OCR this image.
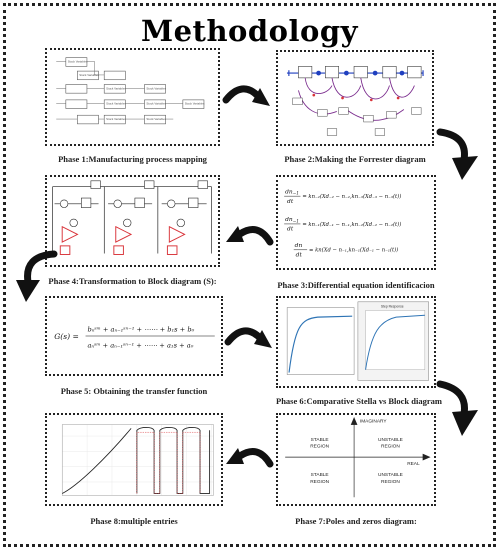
Methodology
Stock Variables
Stock Variables
Stock Variables	Stock Variables
Stock Variables	Stock Variables	Stock Variables
Stock Variables	Stock Variables
Phase 1:Manufacturing process mapping	Phase 2:Making the Forrester diagram
$dn_{-1}$
dt
= kn₋₂(Xd₋₂ − n₋₂,kn₋₃(Xd₋₃ − n₋₃(t))
$dn_{-1}$
dt
= kn₋₁(Xd₋₁ − n₋₁,kn₋₂(Xd₋₂ − n₋₂(t))
dn
dt
= kn(Xd − n₋₁,kn₋₁(Xd₋₁ − n₋₁(t))
Phase 3:Differential equation identificacion
Phase 4:Transformation to Block diagram (S):
G(s) =
bₙˢᵐ + aₙ₋₁ˢⁿ⁻¹ + ⋯⋯ + b₁s + b₀
aₙˢᵐ + aₙ₋₁ˢⁿ⁻¹ + ⋯⋯ + a₁s + a₀
Phase 5: Obtaining the transfer function
Step Response
Phase 6:Comparative Stella vs Block diagram
IMAGINARY
REAL
STABLE
REGION
UNSTABLE
REGION
STABLE
REGION
UNSTABLE
REGION
Phase 7:Poles and zeros diagram:
Phase 8:multiple entries
